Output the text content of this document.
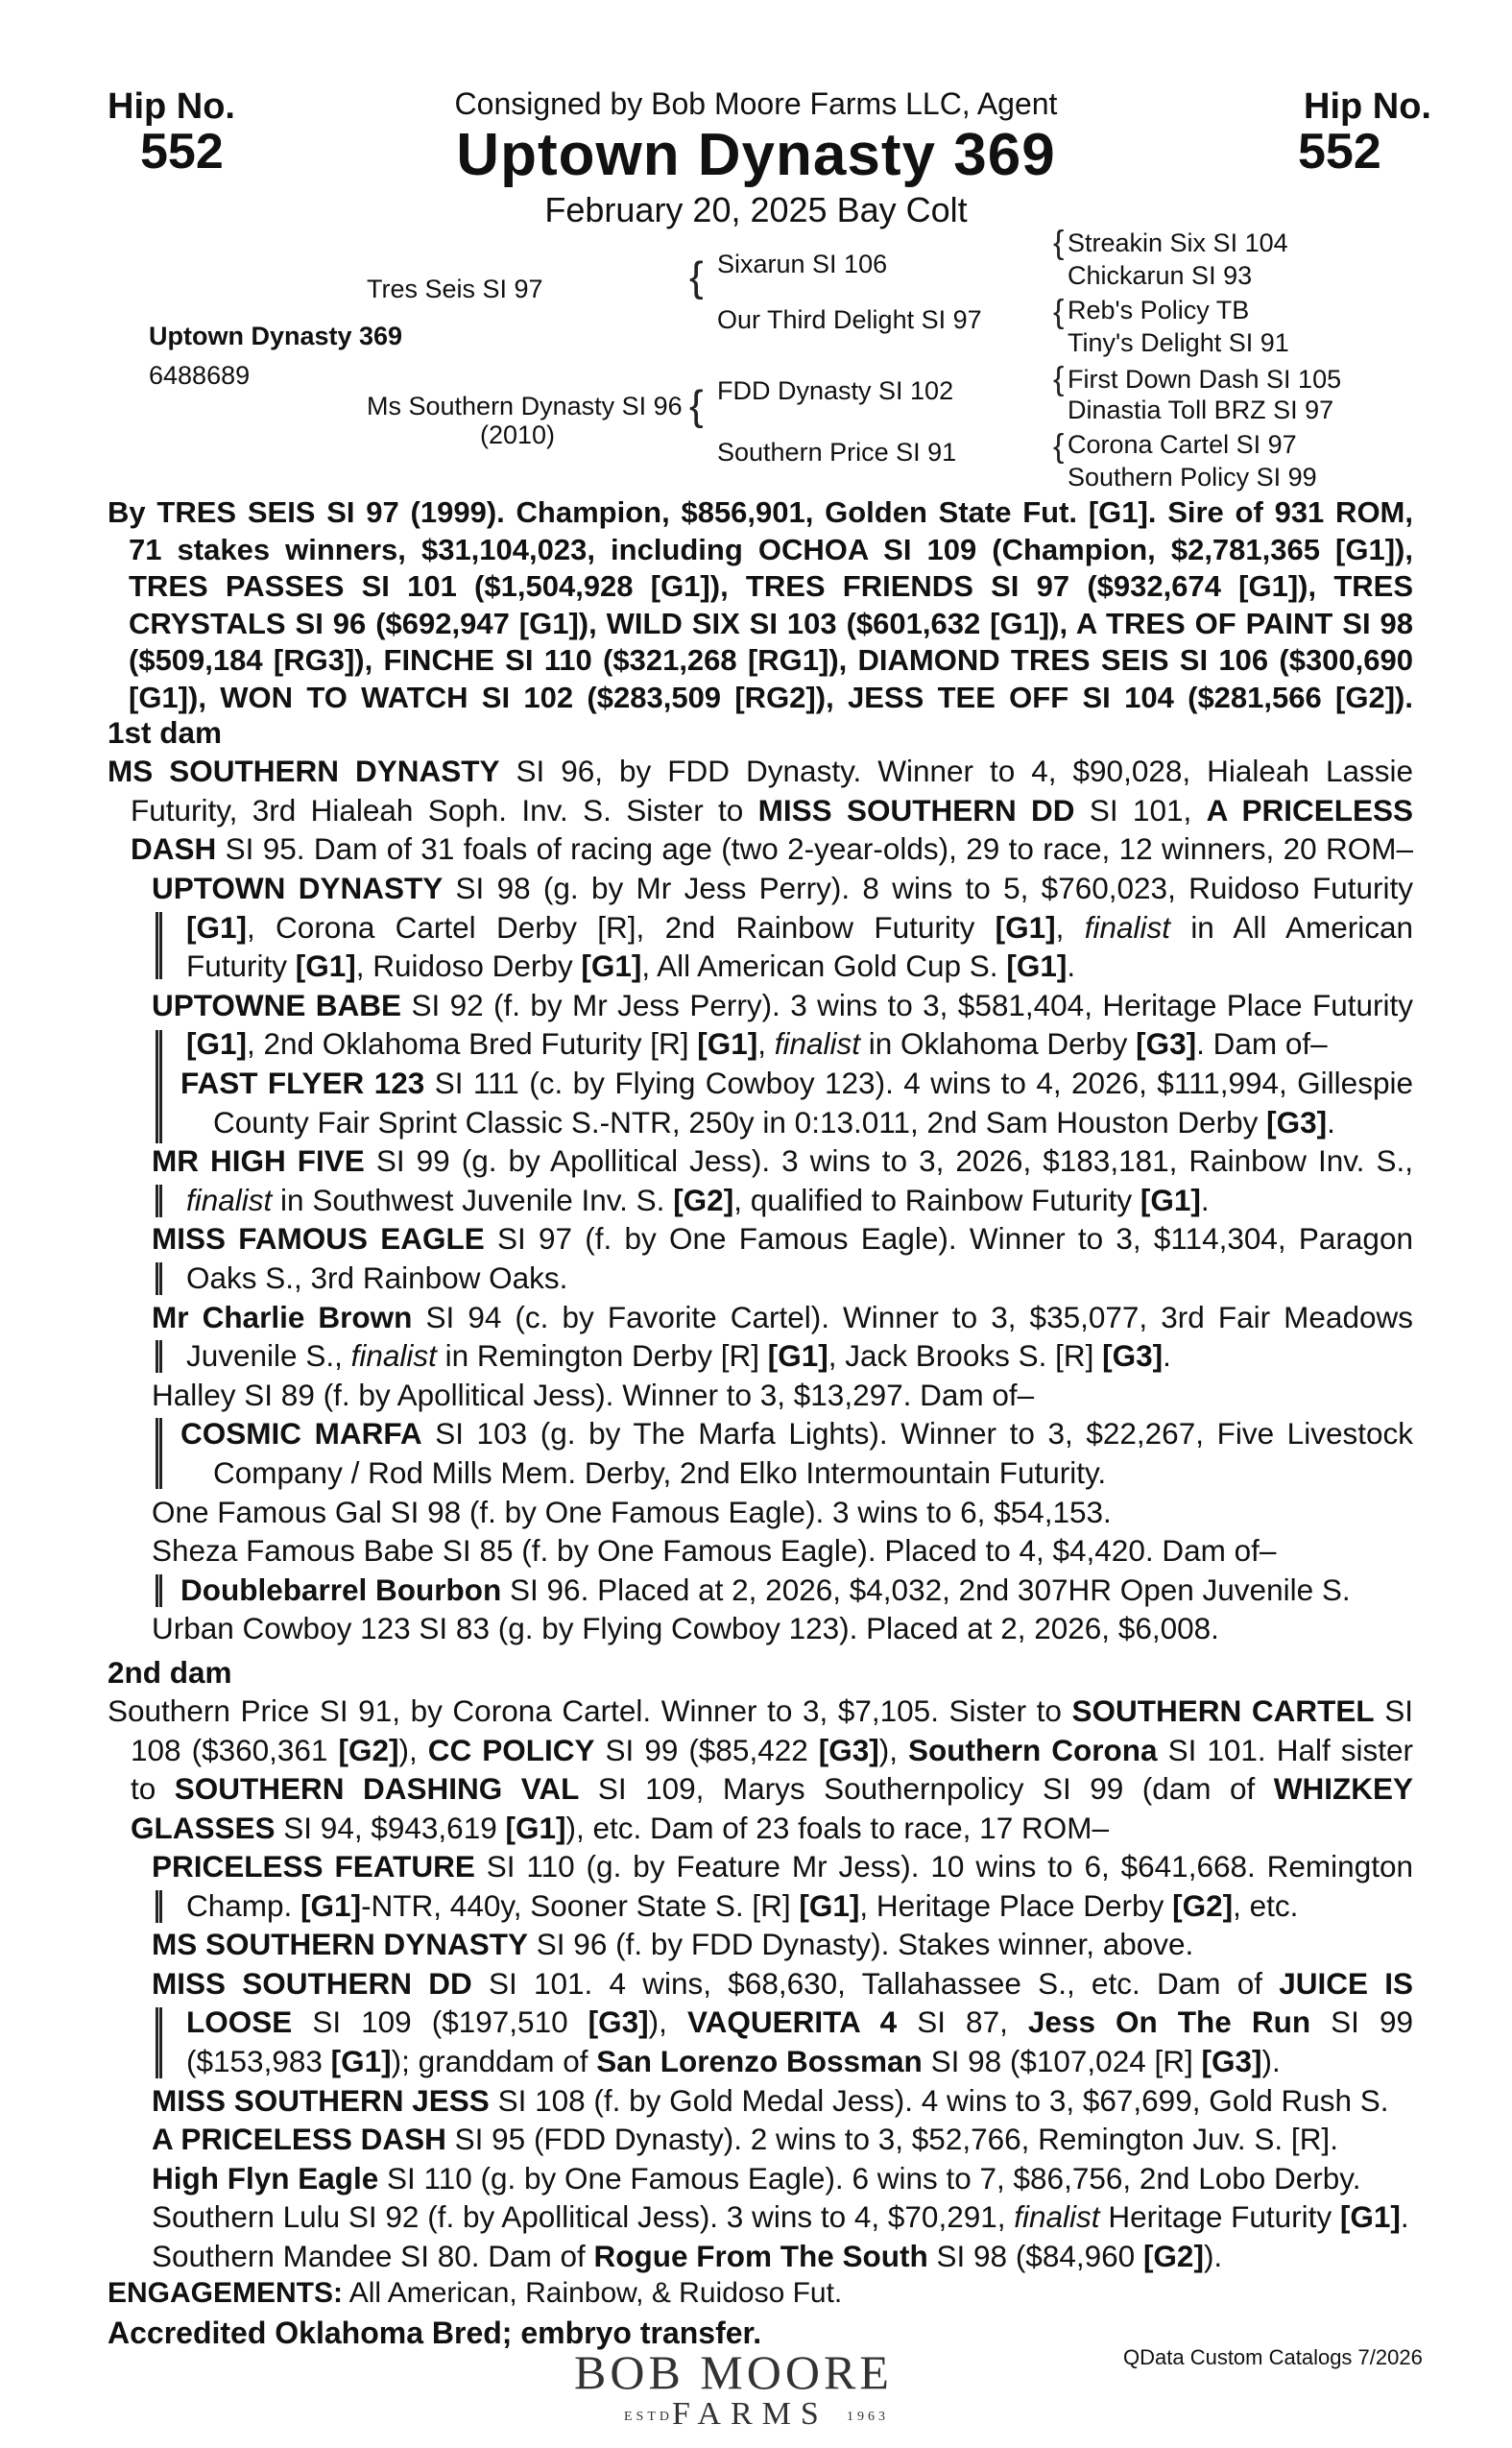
Hip No.
552
Hip No.
552
Consigned by Bob Moore Farms LLC, Agent
Uptown Dynasty 369
February 20, 2025 Bay Colt
Uptown Dynasty 369
6488689
Tres Seis SI 97
Ms Southern Dynasty SI 96
(2010)
{ Sixarun SI 106
Our Third Delight SI 97
{ FDD Dynasty SI 102
Southern Price SI 91
{ Streakin Six SI 104
Chickarun SI 93
{ Reb's Policy TB
Tiny's Delight SI 91
{ First Down Dash SI 105
Dinastia Toll BRZ SI 97
{ Corona Cartel SI 97
Southern Policy SI 99
By TRES SEIS SI 97 (1999). Champion, $856,901, Golden State Fut. [G1]. Sire of 931 ROM,
71 stakes winners, $31,104,023, including OCHOA SI 109 (Champion, $2,781,365 [G1]),
TRES PASSES SI 101 ($1,504,928 [G1]), TRES FRIENDS SI 97 ($932,674 [G1]), TRES
CRYSTALS SI 96 ($692,947 [G1]), WILD SIX SI 103 ($601,632 [G1]), A TRES OF PAINT SI 98
($509,184 [RG3]), FINCHE SI 110 ($321,268 [RG1]), DIAMOND TRES SEIS SI 106 ($300,690
[G1]), WON TO WATCH SI 102 ($283,509 [RG2]), JESS TEE OFF SI 104 ($281,566 [G2]).
1st dam
MS SOUTHERN DYNASTY SI 96, by FDD Dynasty. Winner to 4, $90,028, Hialeah Lassie
Futurity, 3rd Hialeah Soph. Inv. S. Sister to MISS SOUTHERN DD SI 101, A PRICELESS
DASH SI 95. Dam of 31 foals of racing age (two 2-year-olds), 29 to race, 12 winners, 20 ROM–
UPTOWN DYNASTY SI 98 (g. by Mr Jess Perry). 8 wins to 5, $760,023, Ruidoso Futurity
[G1], Corona Cartel Derby [R], 2nd Rainbow Futurity [G1], finalist in All American
Futurity [G1], Ruidoso Derby [G1], All American Gold Cup S. [G1].
UPTOWNE BABE SI 92 (f. by Mr Jess Perry). 3 wins to 3, $581,404, Heritage Place Futurity
[G1], 2nd Oklahoma Bred Futurity [R] [G1], finalist in Oklahoma Derby [G3]. Dam of–
FAST FLYER 123 SI 111 (c. by Flying Cowboy 123). 4 wins to 4, 2026, $111,994, Gillespie
County Fair Sprint Classic S.-NTR, 250y in 0:13.011, 2nd Sam Houston Derby [G3].
MR HIGH FIVE SI 99 (g. by Apollitical Jess). 3 wins to 3, 2026, $183,181, Rainbow Inv. S.,
finalist in Southwest Juvenile Inv. S. [G2], qualified to Rainbow Futurity [G1].
MISS FAMOUS EAGLE SI 97 (f. by One Famous Eagle). Winner to 3, $114,304, Paragon
Oaks S., 3rd Rainbow Oaks.
Mr Charlie Brown SI 94 (c. by Favorite Cartel). Winner to 3, $35,077, 3rd Fair Meadows
Juvenile S., finalist in Remington Derby [R] [G1], Jack Brooks S. [R] [G3].
Halley SI 89 (f. by Apollitical Jess). Winner to 3, $13,297. Dam of–
COSMIC MARFA SI 103 (g. by The Marfa Lights). Winner to 3, $22,267, Five Livestock
Company / Rod Mills Mem. Derby, 2nd Elko Intermountain Futurity.
One Famous Gal SI 98 (f. by One Famous Eagle). 3 wins to 6, $54,153.
Sheza Famous Babe SI 85 (f. by One Famous Eagle). Placed to 4, $4,420. Dam of–
Doublebarrel Bourbon SI 96. Placed at 2, 2026, $4,032, 2nd 307HR Open Juvenile S.
Urban Cowboy 123 SI 83 (g. by Flying Cowboy 123). Placed at 2, 2026, $6,008.
2nd dam
Southern Price SI 91, by Corona Cartel. Winner to 3, $7,105. Sister to SOUTHERN CARTEL SI
108 ($360,361 [G2]), CC POLICY SI 99 ($85,422 [G3]), Southern Corona SI 101. Half sister
to SOUTHERN DASHING VAL SI 109, Marys Southernpolicy SI 99 (dam of WHIZKEY
GLASSES SI 94, $943,619 [G1]), etc. Dam of 23 foals to race, 17 ROM–
PRICELESS FEATURE SI 110 (g. by Feature Mr Jess). 10 wins to 6, $641,668. Remington
Champ. [G1]-NTR, 440y, Sooner State S. [R] [G1], Heritage Place Derby [G2], etc.
MS SOUTHERN DYNASTY SI 96 (f. by FDD Dynasty). Stakes winner, above.
MISS SOUTHERN DD SI 101. 4 wins, $68,630, Tallahassee S., etc. Dam of JUICE IS
LOOSE SI 109 ($197,510 [G3]), VAQUERITA 4 SI 87, Jess On The Run SI 99
($153,983 [G1]); granddam of San Lorenzo Bossman SI 98 ($107,024 [R] [G3]).
MISS SOUTHERN JESS SI 108 (f. by Gold Medal Jess). 4 wins to 3, $67,699, Gold Rush S.
A PRICELESS DASH SI 95 (FDD Dynasty). 2 wins to 3, $52,766, Remington Juv. S. [R].
High Flyn Eagle SI 110 (g. by One Famous Eagle). 6 wins to 7, $86,756, 2nd Lobo Derby.
Southern Lulu SI 92 (f. by Apollitical Jess). 3 wins to 4, $70,291, finalist Heritage Futurity [G1].
Southern Mandee SI 80. Dam of Rogue From The South SI 98 ($84,960 [G2]).
ENGAGEMENTS: All American, Rainbow, & Ruidoso Fut.
Accredited Oklahoma Bred; embryo transfer.
BOB MOORE
ESTD FARMS 1963
QData Custom Catalogs 7/2026
